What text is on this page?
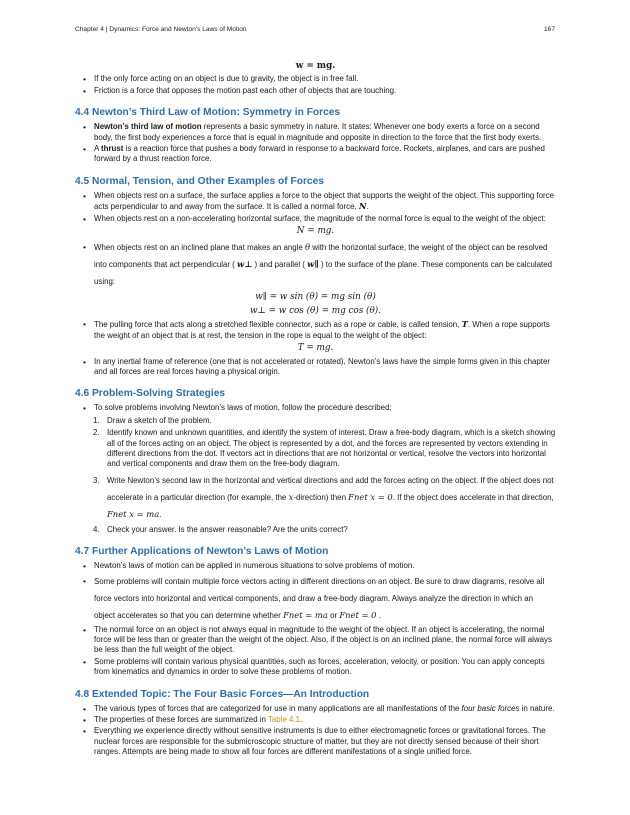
Chapter 4 | Dynamics: Force and Newton's Laws of Motion	167
w = mg.
• If the only force acting on an object is due to gravity, the object is in free fall.
• Friction is a force that opposes the motion past each other of objects that are touching.
4.4 Newton’s Third Law of Motion: Symmetry in Forces
• Newton’s third law of motion represents a basic symmetry in nature. It states: Whenever one body exerts a force on a second body, the first body experiences a force that is equal in magnitude and opposite in direction to the force that the first body exerts.
• A thrust is a reaction force that pushes a body forward in response to a backward force. Rockets, airplanes, and cars are pushed forward by a thrust reaction force.
4.5 Normal, Tension, and Other Examples of Forces
• When objects rest on a surface, the surface applies a force to the object that supports the weight of the object. This supporting force acts perpendicular to and away from the surface. It is called a normal force, N.
• When objects rest on a non-accelerating horizontal surface, the magnitude of the normal force is equal to the weight of the object:
N = mg.
• When objects rest on an inclined plane that makes an angle θ with the horizontal surface, the weight of the object can be resolved into components that act perpendicular ( w⊥ ) and parallel ( w∥ ) to the surface of the plane. These components can be calculated using:
w∥ = w sin (θ) = mg sin (θ)
w⊥ = w cos (θ) = mg cos (θ).
• The pulling force that acts along a stretched flexible connector, such as a rope or cable, is called tension, T. When a rope supports the weight of an object that is at rest, the tension in the rope is equal to the weight of the object:
T = mg.
• In any inertial frame of reference (one that is not accelerated or rotated), Newton’s laws have the simple forms given in this chapter and all forces are real forces having a physical origin.
4.6 Problem-Solving Strategies
• To solve problems involving Newton’s laws of motion, follow the procedure described:
1. Draw a sketch of the problem.
2. Identify known and unknown quantities, and identify the system of interest. Draw a free-body diagram, which is a sketch showing all of the forces acting on an object. The object is represented by a dot, and the forces are represented by vectors extending in different directions from the dot. If vectors act in directions that are not horizontal or vertical, resolve the vectors into horizontal and vertical components and draw them on the free-body diagram.
3. Write Newton’s second law in the horizontal and vertical directions and add the forces acting on the object. If the object does not accelerate in a particular direction (for example, the x-direction) then Fnet x = 0. If the object does accelerate in that direction, Fnet x = ma.
4. Check your answer. Is the answer reasonable? Are the units correct?
4.7 Further Applications of Newton’s Laws of Motion
• Newton’s laws of motion can be applied in numerous situations to solve problems of motion.
• Some problems will contain multiple force vectors acting in different directions on an object. Be sure to draw diagrams, resolve all force vectors into horizontal and vertical components, and draw a free-body diagram. Always analyze the direction in which an object accelerates so that you can determine whether Fnet = ma or Fnet = 0 .
• The normal force on an object is not always equal in magnitude to the weight of the object. If an object is accelerating, the normal force will be less than or greater than the weight of the object. Also, if the object is on an inclined plane, the normal force will always be less than the full weight of the object.
• Some problems will contain various physical quantities, such as forces, acceleration, velocity, or position. You can apply concepts from kinematics and dynamics in order to solve these problems of motion.
4.8 Extended Topic: The Four Basic Forces—An Introduction
• The various types of forces that are categorized for use in many applications are all manifestations of the four basic forces in nature.
• The properties of these forces are summarized in Table 4.1.
• Everything we experience directly without sensitive instruments is due to either electromagnetic forces or gravitational forces. The nuclear forces are responsible for the submicroscopic structure of matter, but they are not directly sensed because of their short ranges. Attempts are being made to show all four forces are different manifestations of a single unified force.
